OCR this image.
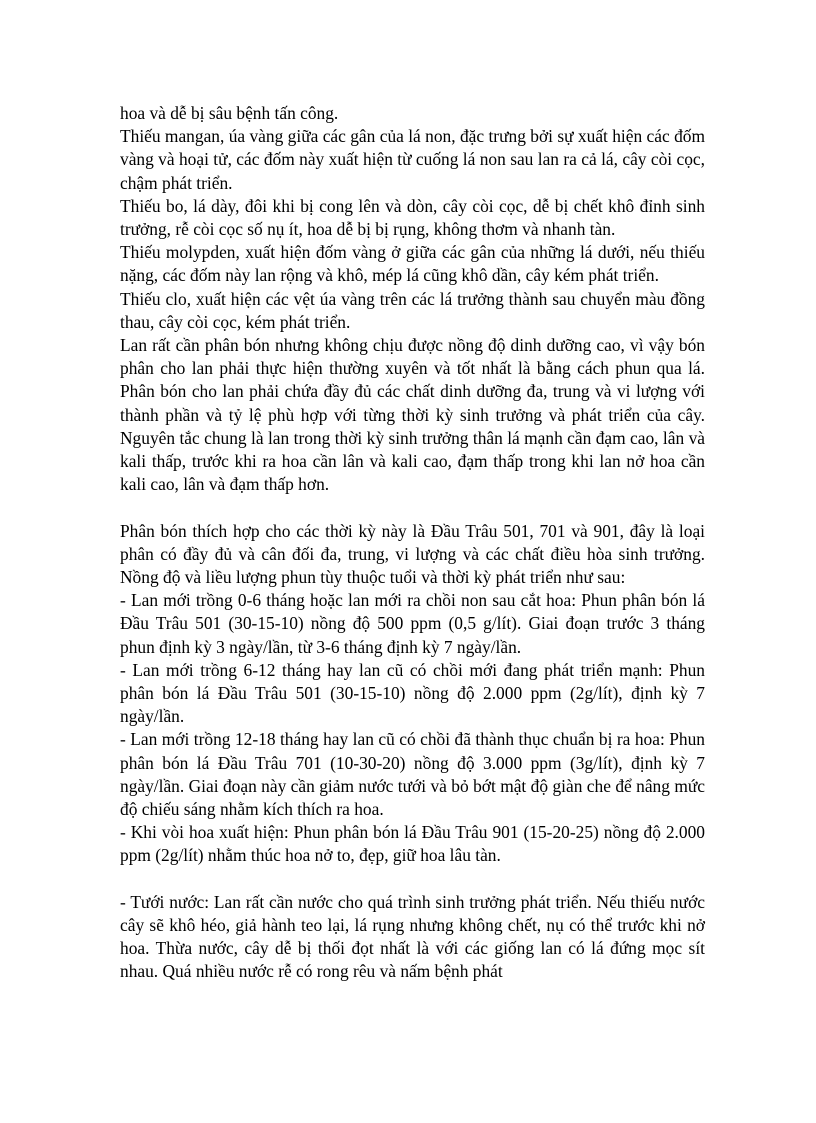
hoa và dễ bị sâu bệnh tấn công.

Thiếu mangan, úa vàng giữa các gân của lá non, đặc trưng bởi sự xuất hiện các đốm vàng và hoại tử, các đốm này xuất hiện từ cuống lá non sau lan ra cả lá, cây còi cọc, chậm phát triển.

Thiếu bo, lá dày, đôi khi bị cong lên và dòn, cây còi cọc, dễ bị chết khô đỉnh sinh trưởng, rễ còi cọc số nụ ít, hoa dễ bị bị rụng, không thơm và nhanh tàn.

Thiếu molypden, xuất hiện đốm vàng ở giữa các gân của những lá dưới, nếu thiếu nặng, các đốm này lan rộng và khô, mép lá cũng khô dần, cây kém phát triển.

Thiếu clo, xuất hiện các vệt úa vàng trên các lá trưởng thành sau chuyển màu đồng thau, cây còi cọc, kém phát triển.

Lan rất cần phân bón nhưng không chịu được nồng độ dinh dưỡng cao, vì vậy bón phân cho lan phải thực hiện thường xuyên và tốt nhất là bằng cách phun qua lá. Phân bón cho lan phải chứa đầy đủ các chất dinh dưỡng đa, trung và vi lượng với thành phần và tỷ lệ phù hợp với từng thời kỳ sinh trưởng và phát triển của cây. Nguyên tắc chung là lan trong thời kỳ sinh trưởng thân lá mạnh cần đạm cao, lân và kali thấp, trước khi ra hoa cần lân và kali cao, đạm thấp trong khi lan nở hoa cần kali cao, lân và đạm thấp hơn.

Phân bón thích hợp cho các thời kỳ này là Đầu Trâu 501, 701 và 901, đây là loại phân có đầy đủ và cân đối đa, trung, vi lượng và các chất điều hòa sinh trưởng. Nồng độ và liều lượng phun tùy thuộc tuổi và thời kỳ phát triển như sau:

- Lan mới trồng 0-6 tháng hoặc lan mới ra chồi non sau cắt hoa: Phun phân bón lá Đầu Trâu 501 (30-15-10) nồng độ 500 ppm (0,5 g/lít). Giai đoạn trước 3 tháng phun định kỳ 3 ngày/lần, từ 3-6 tháng định kỳ 7 ngày/lần.

- Lan mới trồng 6-12 tháng hay lan cũ có chồi mới đang phát triển mạnh: Phun phân bón lá Đầu Trâu 501 (30-15-10) nồng độ 2.000 ppm (2g/lít), định kỳ 7 ngày/lần.

- Lan mới trồng 12-18 tháng hay lan cũ có chồi đã thành thục chuẩn bị ra hoa: Phun phân bón lá Đầu Trâu 701 (10-30-20) nồng độ 3.000 ppm (3g/lít), định kỳ 7 ngày/lần. Giai đoạn này cần giảm nước tưới và bỏ bớt mật độ giàn che để nâng mức độ chiếu sáng nhằm kích thích ra hoa.

- Khi vòi hoa xuất hiện: Phun phân bón lá Đầu Trâu 901 (15-20-25) nồng độ 2.000 ppm (2g/lít) nhằm thúc hoa nở to, đẹp, giữ hoa lâu tàn.

- Tưới nước: Lan rất cần nước cho quá trình sinh trưởng phát triển. Nếu thiếu nước cây sẽ khô héo, giả hành teo lại, lá rụng nhưng không chết, nụ có thể trước khi nở hoa. Thừa nước, cây dễ bị thối đọt nhất là với các giống lan có lá đứng mọc sít nhau. Quá nhiều nước rễ có rong rêu và nấm bệnh phát
